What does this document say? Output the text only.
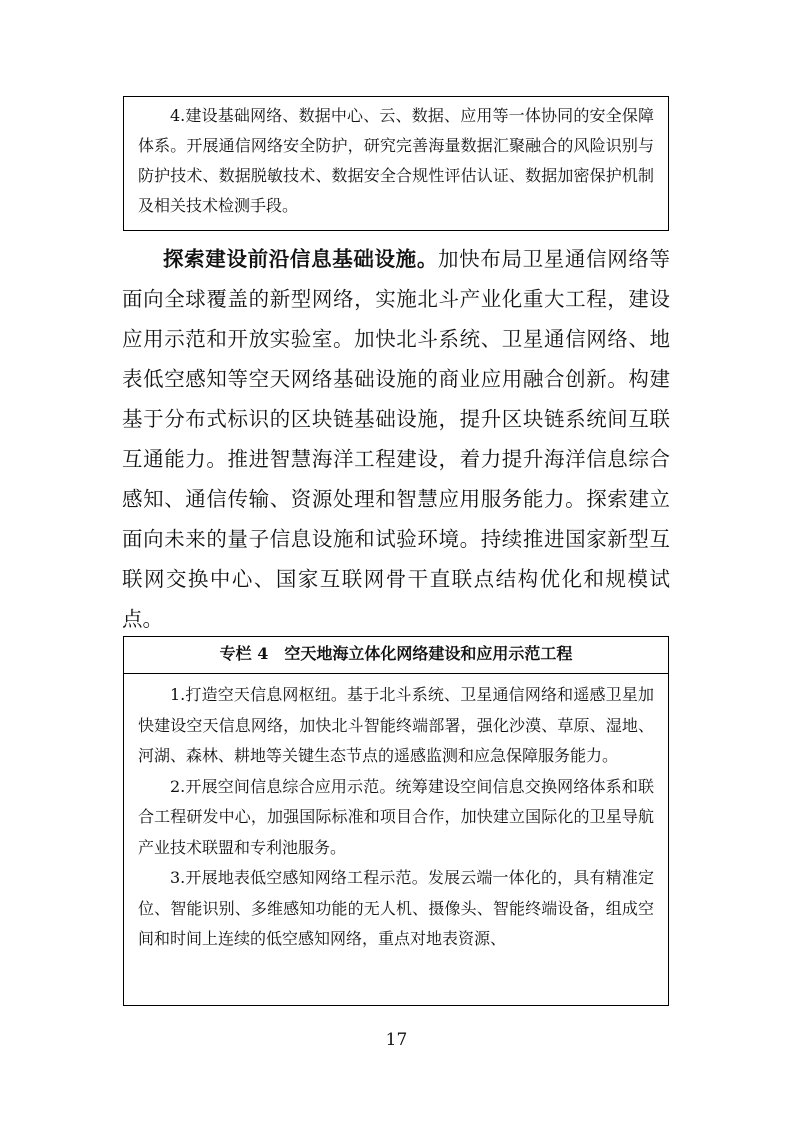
4.建设基础网络、数据中心、云、数据、应用等一体协同的安全保障体系。开展通信网络安全防护，研究完善海量数据汇聚融合的风险识别与防护技术、数据脱敏技术、数据安全合规性评估认证、数据加密保护机制及相关技术检测手段。

探索建设前沿信息基础设施。加快布局卫星通信网络等面向全球覆盖的新型网络，实施北斗产业化重大工程，建设应用示范和开放实验室。加快北斗系统、卫星通信网络、地表低空感知等空天网络基础设施的商业应用融合创新。构建基于分布式标识的区块链基础设施，提升区块链系统间互联互通能力。推进智慧海洋工程建设，着力提升海洋信息综合感知、通信传输、资源处理和智慧应用服务能力。探索建立面向未来的量子信息设施和试验环境。持续推进国家新型互联网交换中心、国家互联网骨干直联点结构优化和规模试点。

专栏 4　空天地海立体化网络建设和应用示范工程

1.打造空天信息网枢纽。基于北斗系统、卫星通信网络和遥感卫星加快建设空天信息网络，加快北斗智能终端部署，强化沙漠、草原、湿地、河湖、森林、耕地等关键生态节点的遥感监测和应急保障服务能力。

2.开展空间信息综合应用示范。统筹建设空间信息交换网络体系和联合工程研发中心，加强国际标准和项目合作，加快建立国际化的卫星导航产业技术联盟和专利池服务。

3.开展地表低空感知网络工程示范。发展云端一体化的，具有精准定位、智能识别、多维感知功能的无人机、摄像头、智能终端设备，组成空间和时间上连续的低空感知网络，重点对地表资源、

17
